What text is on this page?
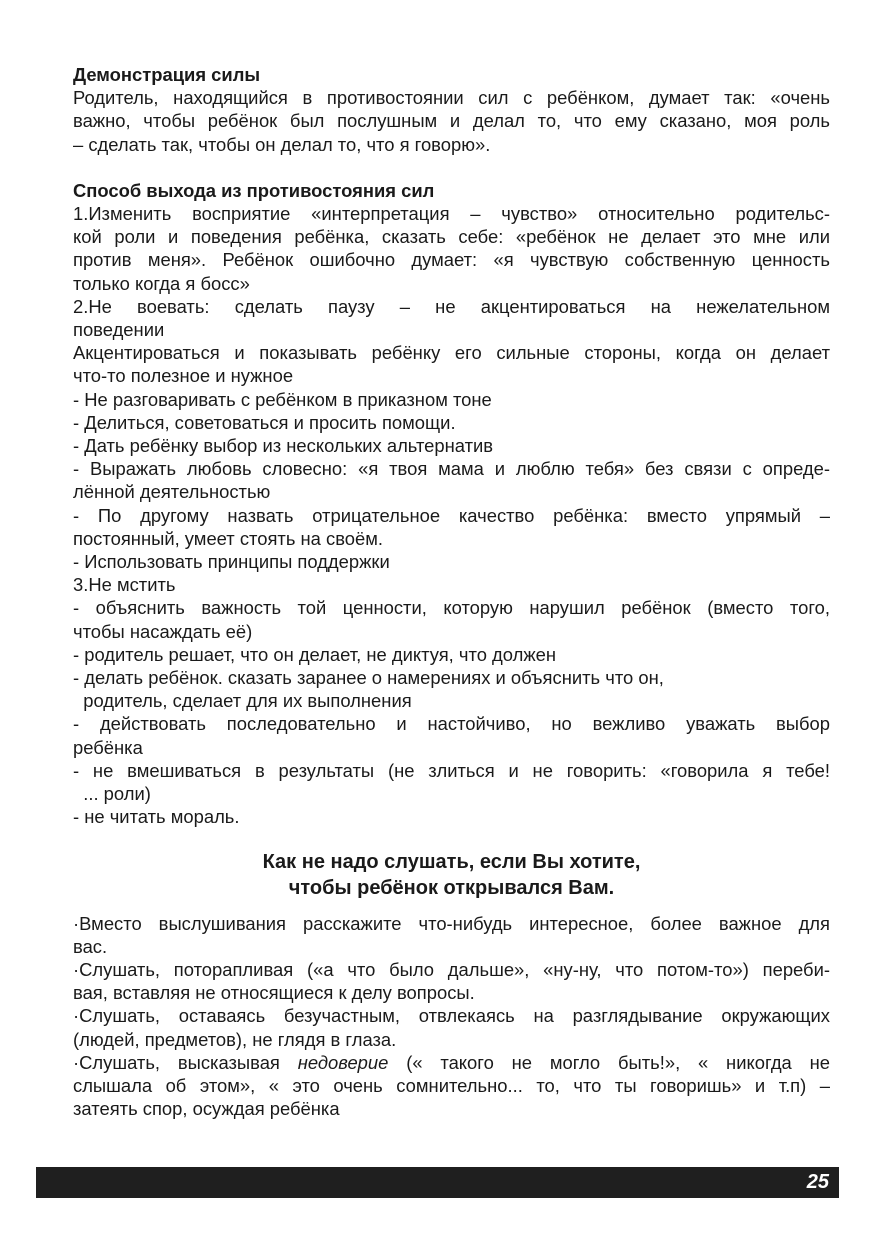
Демонстрация силы
Родитель, находящийся в противостоянии сил с ребёнком, думает так: «очень
важно, чтобы ребёнок был послушным и делал то, что ему сказано, моя роль
– сделать так, чтобы он делал то, что я говорю».
Способ выхода из противостояния сил
1.Изменить восприятие «интерпретация – чувство» относительно родительс-
кой роли и поведения ребёнка, сказать себе: «ребёнок не делает это мне или
против меня». Ребёнок ошибочно думает: «я чувствую собственную ценность
только когда я босс»
2.Не воевать: сделать паузу – не акцентироваться на нежелательном
поведении
Акцентироваться и показывать ребёнку его сильные стороны, когда он делает
что-то полезное и нужное
- Не разговаривать с ребёнком в приказном тоне
- Делиться, советоваться и просить помощи.
- Дать ребёнку выбор из нескольких альтернатив
- Выражать любовь словесно: «я твоя мама и люблю тебя» без связи с опреде-
лённой деятельностью
- По другому назвать отрицательное качество ребёнка: вместо упрямый –
постоянный, умеет стоять на своём.
- Использовать принципы поддержки
3.Не мстить
- объяснить важность той ценности, которую нарушил ребёнок (вместо того,
чтобы насаждать её)
- родитель решает, что он делает, не диктуя, что должен
- делать ребёнок. сказать заранее о намерениях и объяснить что он,
родитель, сделает для их выполнения
- действовать последовательно и настойчиво, но вежливо уважать выбор
ребёнка
- не вмешиваться в результаты (не злиться и не говорить: «говорила я тебе!
... роли)
- не читать мораль.
Как не надо слушать, если Вы хотите,
чтобы ребёнок открывался Вам.
·Вместо выслушивания расскажите что-нибудь интересное, более важное для
вас.
·Слушать, поторапливая («а что было дальше», «ну-ну, что потом-то») переби-
вая, вставляя не относящиеся к делу вопросы.
·Слушать, оставаясь безучастным, отвлекаясь на разглядывание окружающих
(людей, предметов), не глядя в глаза.
·Слушать, высказывая недоверие (« такого не могло быть!», « никогда не
слышала об этом», « это очень сомнительно... то, что ты говоришь» и т.п) –
затеять спор, осуждая ребёнка
25
